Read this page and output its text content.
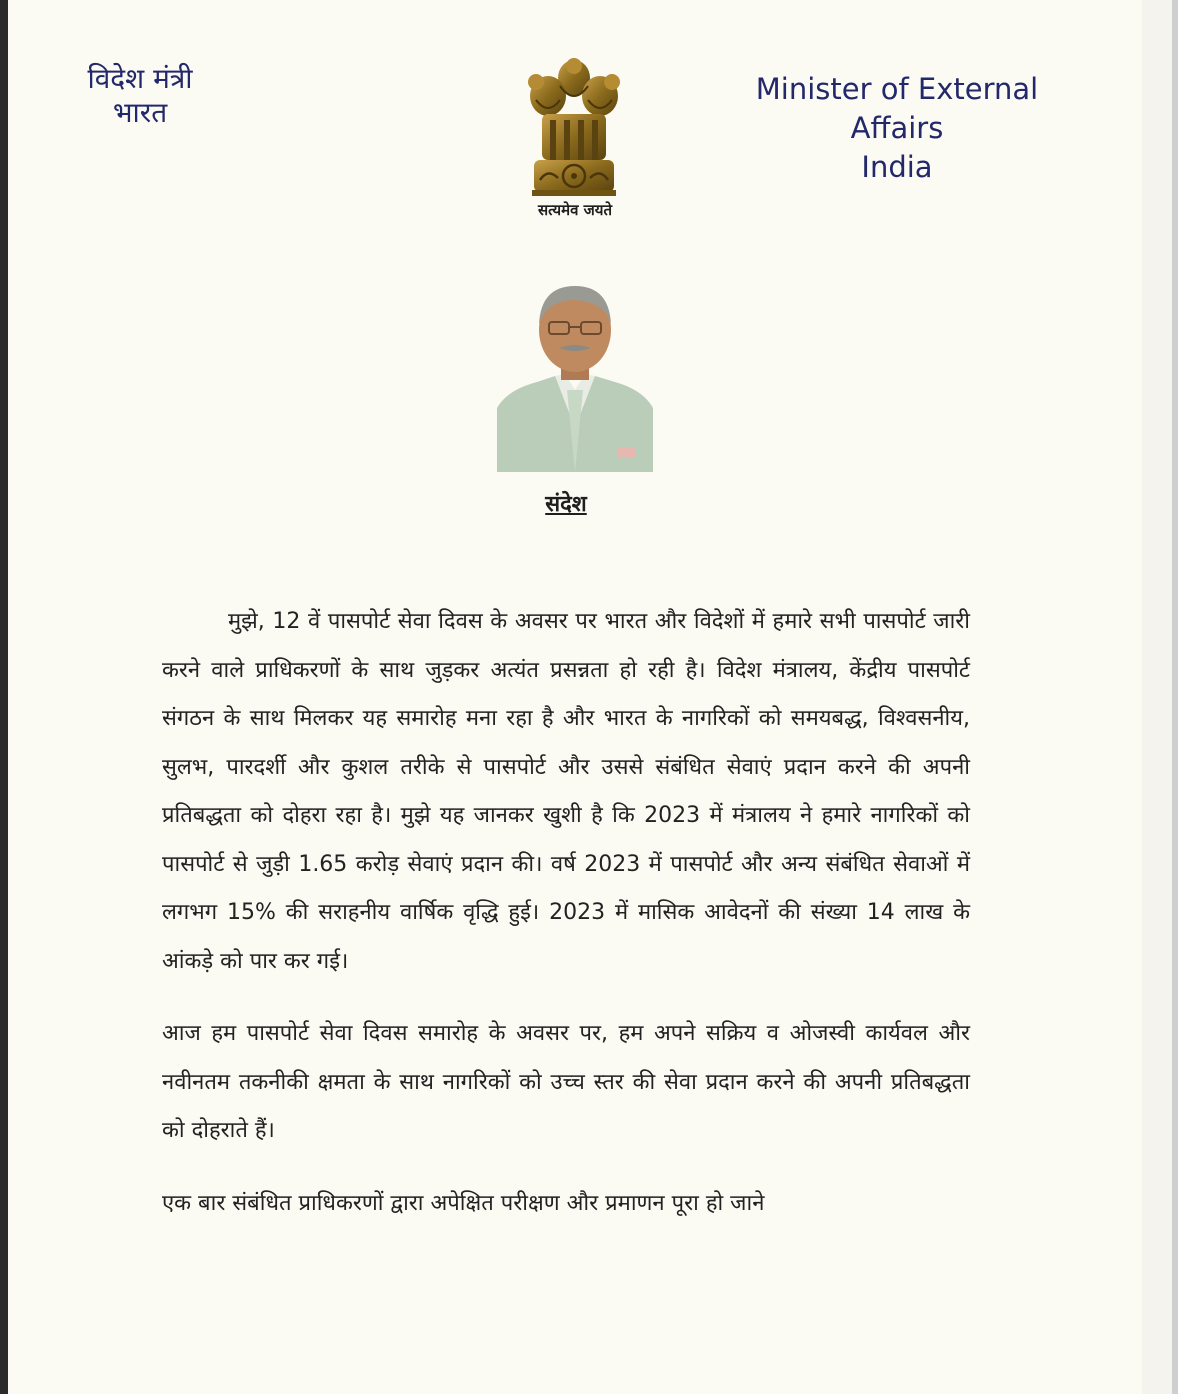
विदेश मंत्री
भारत
सत्यमेव जयते
Minister of External Affairs
India
संदेश

मुझे, 12 वें पासपोर्ट सेवा दिवस के अवसर पर भारत और विदेशों में हमारे सभी पासपोर्ट जारी करने वाले प्राधिकरणों के साथ जुड़कर अत्यंत प्रसन्नता हो रही है। विदेश मंत्रालय, केंद्रीय पासपोर्ट संगठन के साथ मिलकर यह समारोह मना रहा है और भारत के नागरिकों को समयबद्ध, विश्वसनीय, सुलभ, पारदर्शी और कुशल तरीके से पासपोर्ट और उससे संबंधित सेवाएं प्रदान करने की अपनी प्रतिबद्धता को दोहरा रहा है। मुझे यह जानकर खुशी है कि 2023 में मंत्रालय ने हमारे नागरिकों को पासपोर्ट से जुड़ी 1.65 करोड़ सेवाएं प्रदान की। वर्ष 2023 में पासपोर्ट और अन्य संबंधित सेवाओं में लगभग 15% की सराहनीय वार्षिक वृद्धि हुई। 2023 में मासिक आवेदनों की संख्या 14 लाख के आंकड़े को पार कर गई।

आज हम पासपोर्ट सेवा दिवस समारोह के अवसर पर, हम अपने सक्रिय व ओजस्वी कार्यवल और नवीनतम तकनीकी क्षमता के साथ नागरिकों को उच्च स्तर की सेवा प्रदान करने की अपनी प्रतिबद्धता को दोहराते हैं।

एक बार संबंधित प्राधिकरणों द्वारा अपेक्षित परीक्षण और प्रमाणन पूरा हो जाने
